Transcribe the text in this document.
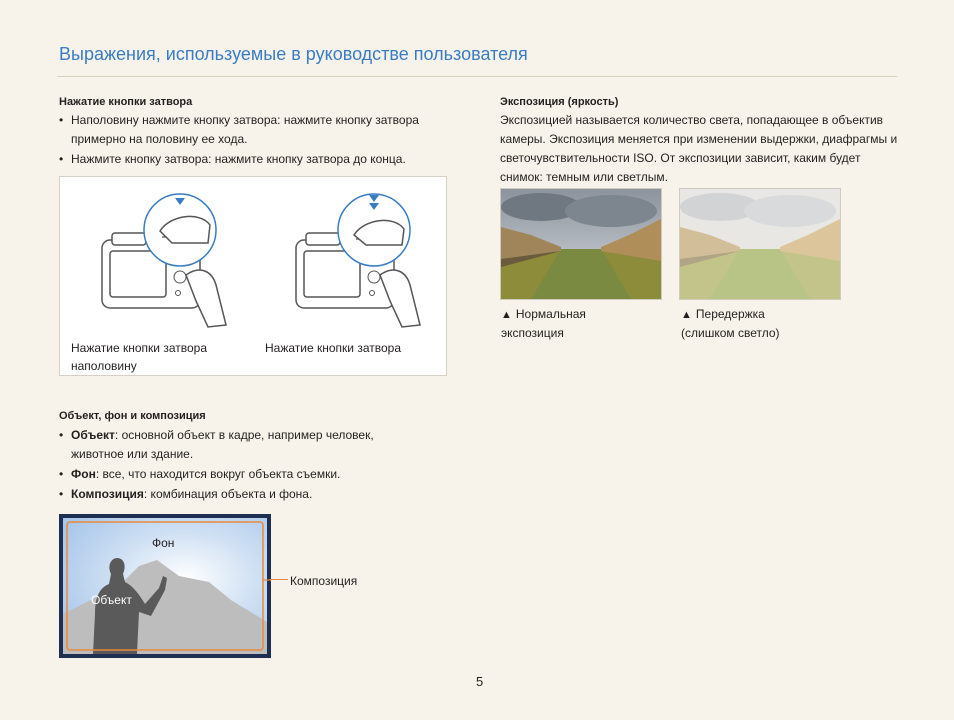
Выражения, используемые в руководстве пользователя
Нажатие кнопки затвора
• Наполовину нажмите кнопку затвора: нажмите кнопку затвора примерно на половину ее хода.
• Нажмите кнопку затвора: нажмите кнопку затвора до конца.
Нажатие кнопки затвора наполовину
Нажатие кнопки затвора
Объект, фон и композиция
• Объект: основной объект в кадре, например человек, животное или здание.
• Фон: все, что находится вокруг объекта съемки.
• Композиция: комбинация объекта и фона.
Фон
Объект
Композиция
Экспозиция (яркость)
Экспозицией называется количество света, попадающее в объектив камеры. Экспозиция меняется при изменении выдержки, диафрагмы и светочувствительности ISO. От экспозиции зависит, каким будет снимок: темным или светлым.
▲ Нормальная экспозиция
▲ Передержка (слишком светло)
5
